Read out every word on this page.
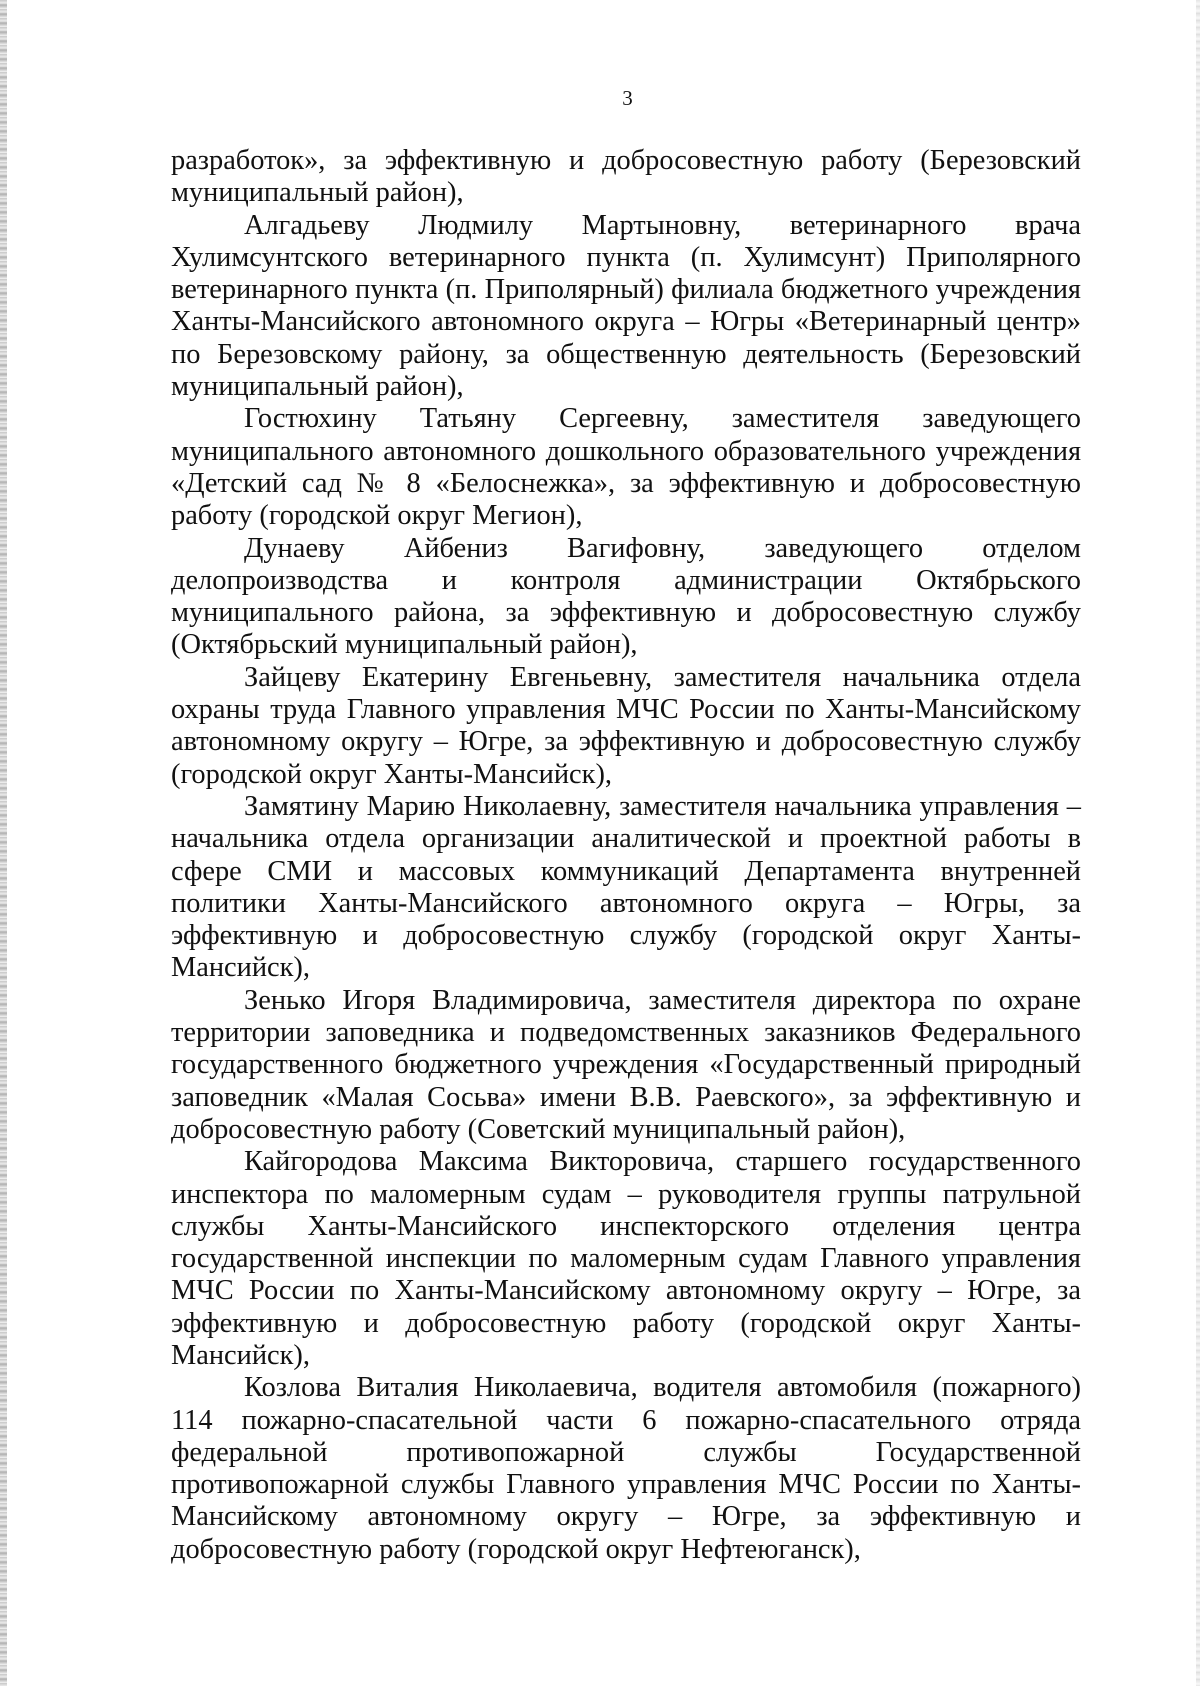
3

разработок», за эффективную и добросовестную работу (Березовский муниципальный район),

Алгадьеву Людмилу Мартыновну, ветеринарного врача Хулимсунтского ветеринарного пункта (п. Хулимсунт) Приполярного ветеринарного пункта (п. Приполярный) филиала бюджетного учреждения Ханты-Мансийского автономного округа – Югры «Ветеринарный центр» по Березовскому району, за общественную деятельность (Березовский муниципальный район),

Гостюхину Татьяну Сергеевну, заместителя заведующего муниципального автономного дошкольного образовательного учреждения «Детский сад № 8 «Белоснежка», за эффективную и добросовестную работу (городской округ Мегион),

Дунаеву Айбениз Вагифовну, заведующего отделом делопроизводства и контроля администрации Октябрьского муниципального района, за эффективную и добросовестную службу (Октябрьский муниципальный район),

Зайцеву Екатерину Евгеньевну, заместителя начальника отдела охраны труда Главного управления МЧС России по Ханты-Мансийскому автономному округу – Югре, за эффективную и добросовестную службу (городской округ Ханты-Мансийск),

Замятину Марию Николаевну, заместителя начальника управления – начальника отдела организации аналитической и проектной работы в сфере СМИ и массовых коммуникаций Департамента внутренней политики Ханты-Мансийского автономного округа – Югры, за эффективную и добросовестную службу (городской округ Ханты-Мансийск),

Зенько Игоря Владимировича, заместителя директора по охране территории заповедника и подведомственных заказников Федерального государственного бюджетного учреждения «Государственный природный заповедник «Малая Сосьва» имени В.В. Раевского», за эффективную и добросовестную работу (Советский муниципальный район),

Кайгородова Максима Викторовича, старшего государственного инспектора по маломерным судам – руководителя группы патрульной службы Ханты-Мансийского инспекторского отделения центра государственной инспекции по маломерным судам Главного управления МЧС России по Ханты-Мансийскому автономному округу – Югре, за эффективную и добросовестную работу (городской округ Ханты-Мансийск),

Козлова Виталия Николаевича, водителя автомобиля (пожарного) 114 пожарно-спасательной части 6 пожарно-спасательного отряда федеральной противопожарной службы Государственной противопожарной службы Главного управления МЧС России по Ханты-Мансийскому автономному округу – Югре, за эффективную и добросовестную работу (городской округ Нефтеюганск),
